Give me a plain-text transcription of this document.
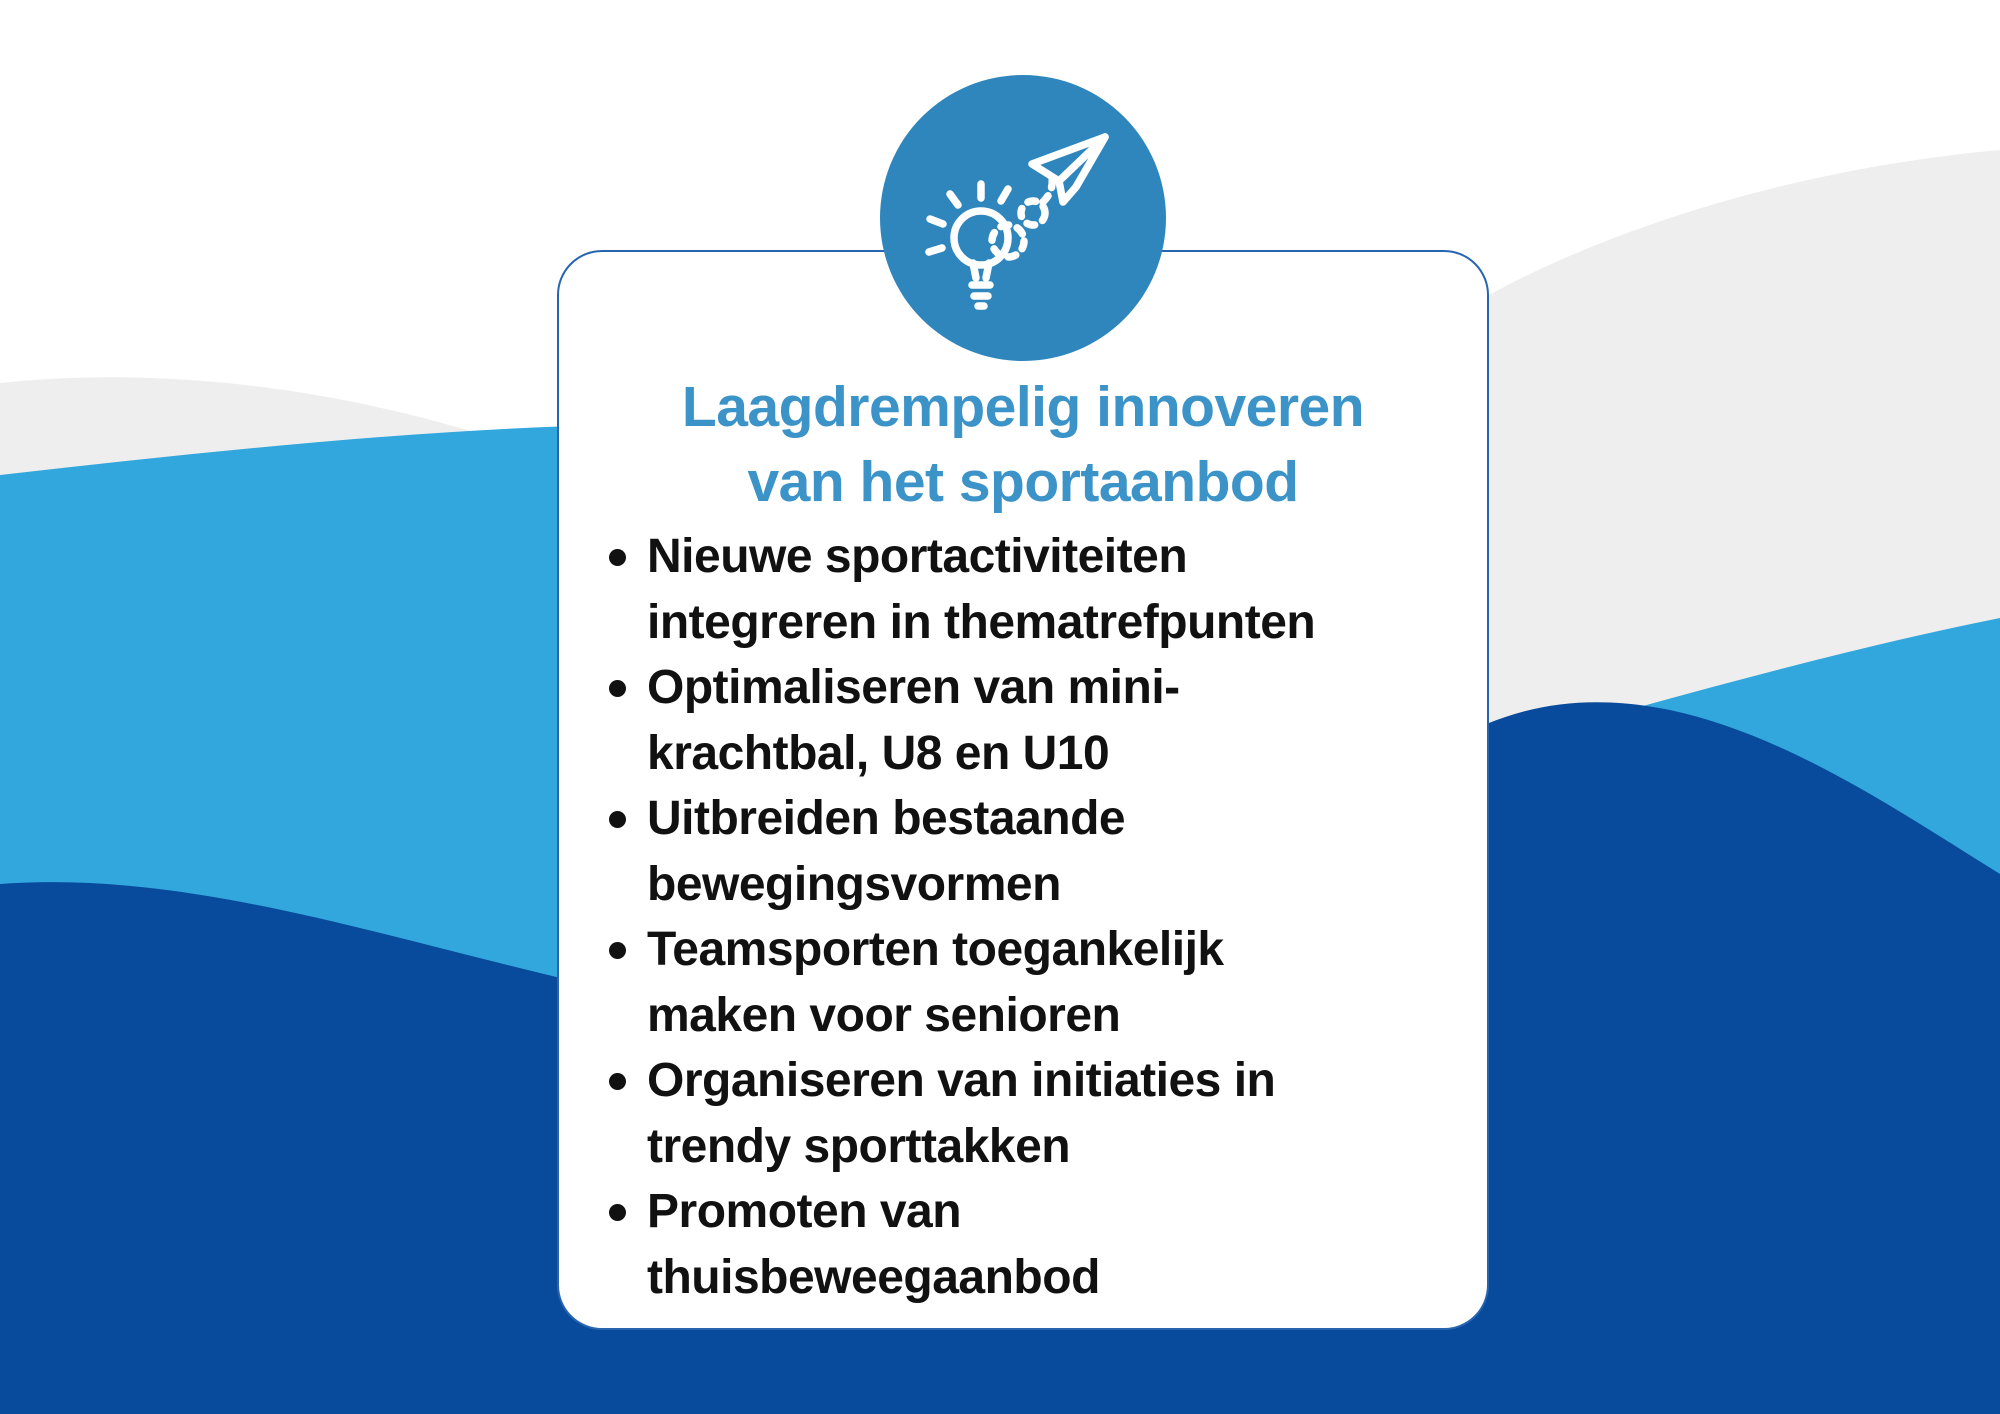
Laagdrempelig innoveren
van het sportaanbod
Nieuwe sportactiviteiten
integreren in thematrefpunten
Optimaliseren van mini-
krachtbal, U8 en U10
Uitbreiden bestaande
bewegingsvormen
Teamsporten toegankelijk
maken voor senioren
Organiseren van initiaties in
trendy sporttakken
Promoten van
thuisbeweegaanbod
